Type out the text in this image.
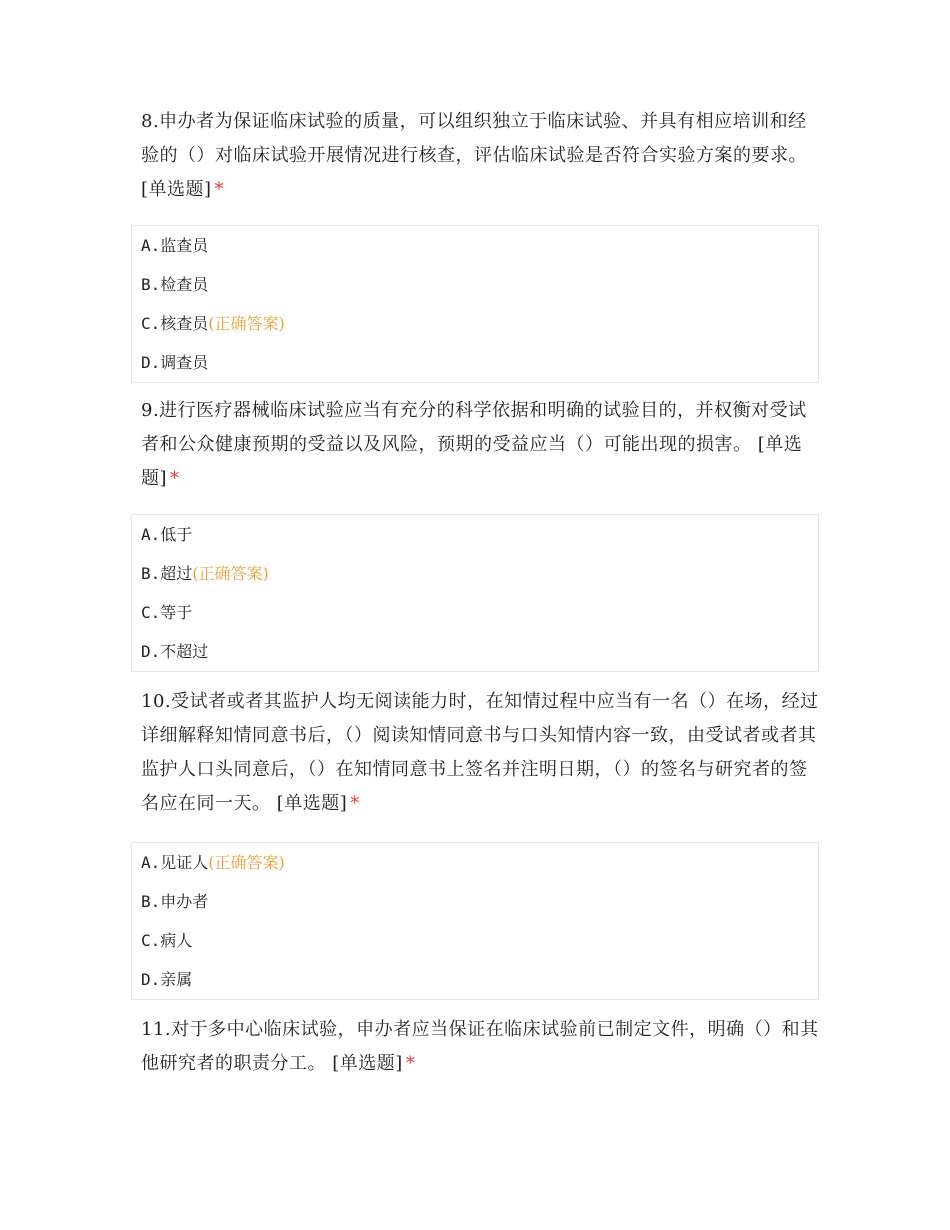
8.申办者为保证临床试验的质量，可以组织独立于临床试验、并具有相应培训和经验的（）对临床试验开展情况进行核查，评估临床试验是否符合实验方案的要求。[单选题] *

A.监查员
B.检查员
C.核查员(正确答案)
D.调查员

9.进行医疗器械临床试验应当有充分的科学依据和明确的试验目的，并权衡对受试者和公众健康预期的受益以及风险，预期的受益应当（）可能出现的损害。 [单选题] *

A.低于
B.超过(正确答案)
C.等于
D.不超过

10.受试者或者其监护人均无阅读能力时，在知情过程中应当有一名（）在场，经过详细解释知情同意书后，（）阅读知情同意书与口头知情内容一致，由受试者或者其监护人口头同意后，（）在知情同意书上签名并注明日期，（）的签名与研究者的签名应在同一天。 [单选题] *

A.见证人(正确答案)
B.申办者
C.病人
D.亲属

11.对于多中心临床试验，申办者应当保证在临床试验前已制定文件，明确（）和其他研究者的职责分工。 [单选题] *
